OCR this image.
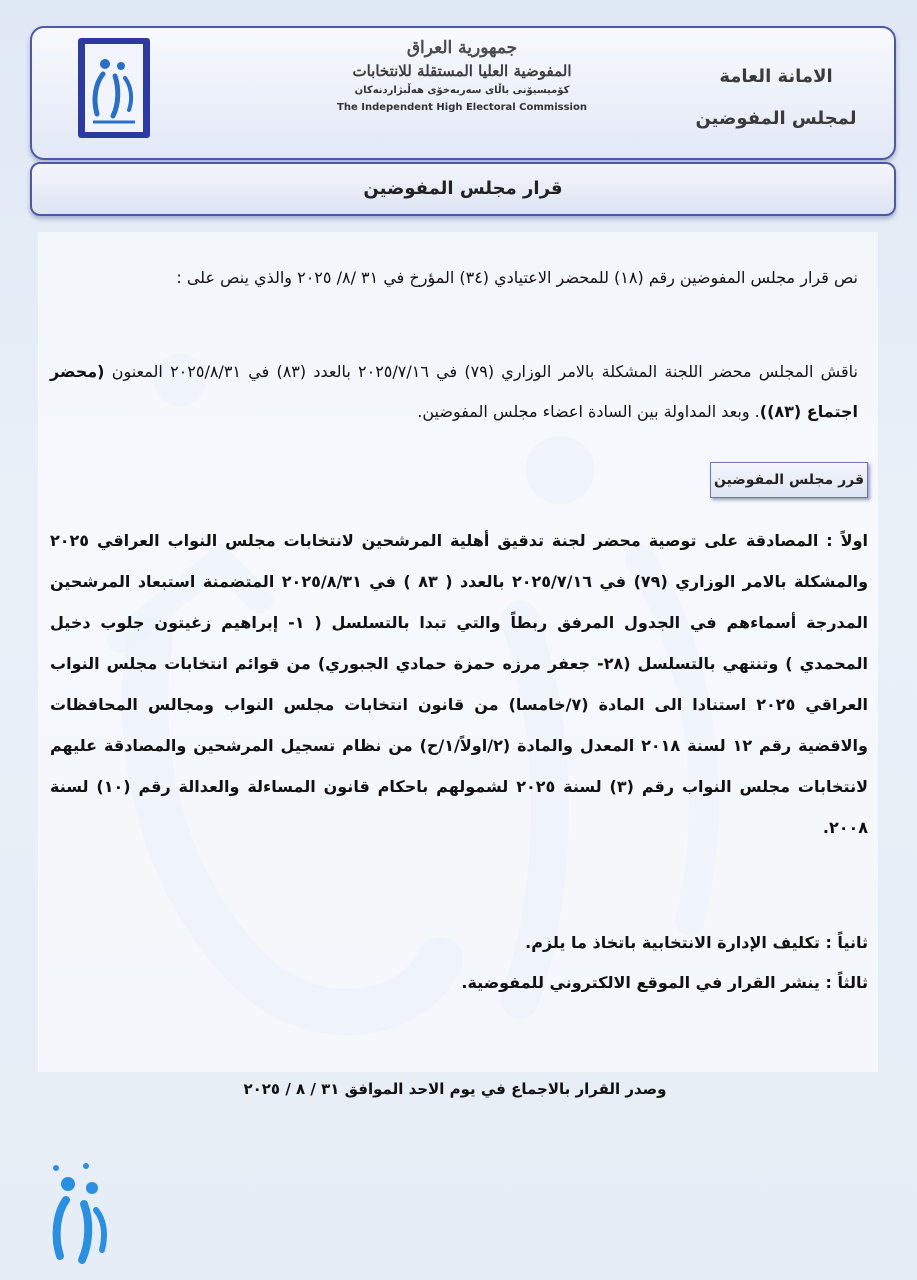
جمهورية العراق
المفوضية العليا المستقلة للانتخابات
كۆمیسیۆنی باڵای سەربەخۆی هەڵبژاردنەکان
The Independent High Electoral Commission
الامانة العامة
لمجلس المفوضين
قرار مجلس المفوضين
نص قرار مجلس المفوضين رقم (١٨) للمحضر الاعتيادي (٣٤) المؤرخ في ٣١ /٨/ ٢٠٢٥ والذي ينص على :
ناقش المجلس محضر اللجنة المشكلة بالامر الوزاري (٧٩) في ٢٠٢٥/٧/١٦ بالعدد (٨٣) في ٢٠٢٥/٨/٣١ المعنون (محضر اجتماع (٨٣)). وبعد المداولة بين السادة اعضاء مجلس المفوضين.
قرر مجلس المفوضين
اولاً : المصادقة على توصية محضر لجنة تدقيق أهلية المرشحين لانتخابات مجلس النواب العراقي ٢٠٢٥ والمشكلة بالامر الوزاري (٧٩) في ٢٠٢٥/٧/١٦ بالعدد ( ٨٣ ) في ٢٠٢٥/٨/٣١ المتضمنة استبعاد المرشحين المدرجة أسماءهم في الجدول المرفق ربطاً والتي تبدا بالتسلسل ( ١- إبراهيم زغيتون جلوب دخيل المحمدي ) وتنتهي بالتسلسل (٢٨- جعفر مرزه حمزة حمادي الجبوري) من قوائم انتخابات مجلس النواب العراقي ٢٠٢٥ استنادا الى المادة (٧/خامسا) من قانون انتخابات مجلس النواب ومجالس المحافظات والاقضية رقم ١٢ لسنة ٢٠١٨ المعدل والمادة (٢/اولاً/١/ح) من نظام تسجيل المرشحين والمصادقة عليهم لانتخابات مجلس النواب رقم (٣) لسنة ٢٠٢٥ لشمولهم باحكام قانون المساءلة والعدالة رقم (١٠) لسنة ٢٠٠٨.
ثانياً : تكليف الإدارة الانتخابية باتخاذ ما يلزم.
ثالثاً : ينشر القرار في الموقع الالكتروني للمفوضية.
وصدر القرار بالاجماع في يوم الاحد الموافق ٣١ / ٨ / ٢٠٢٥
